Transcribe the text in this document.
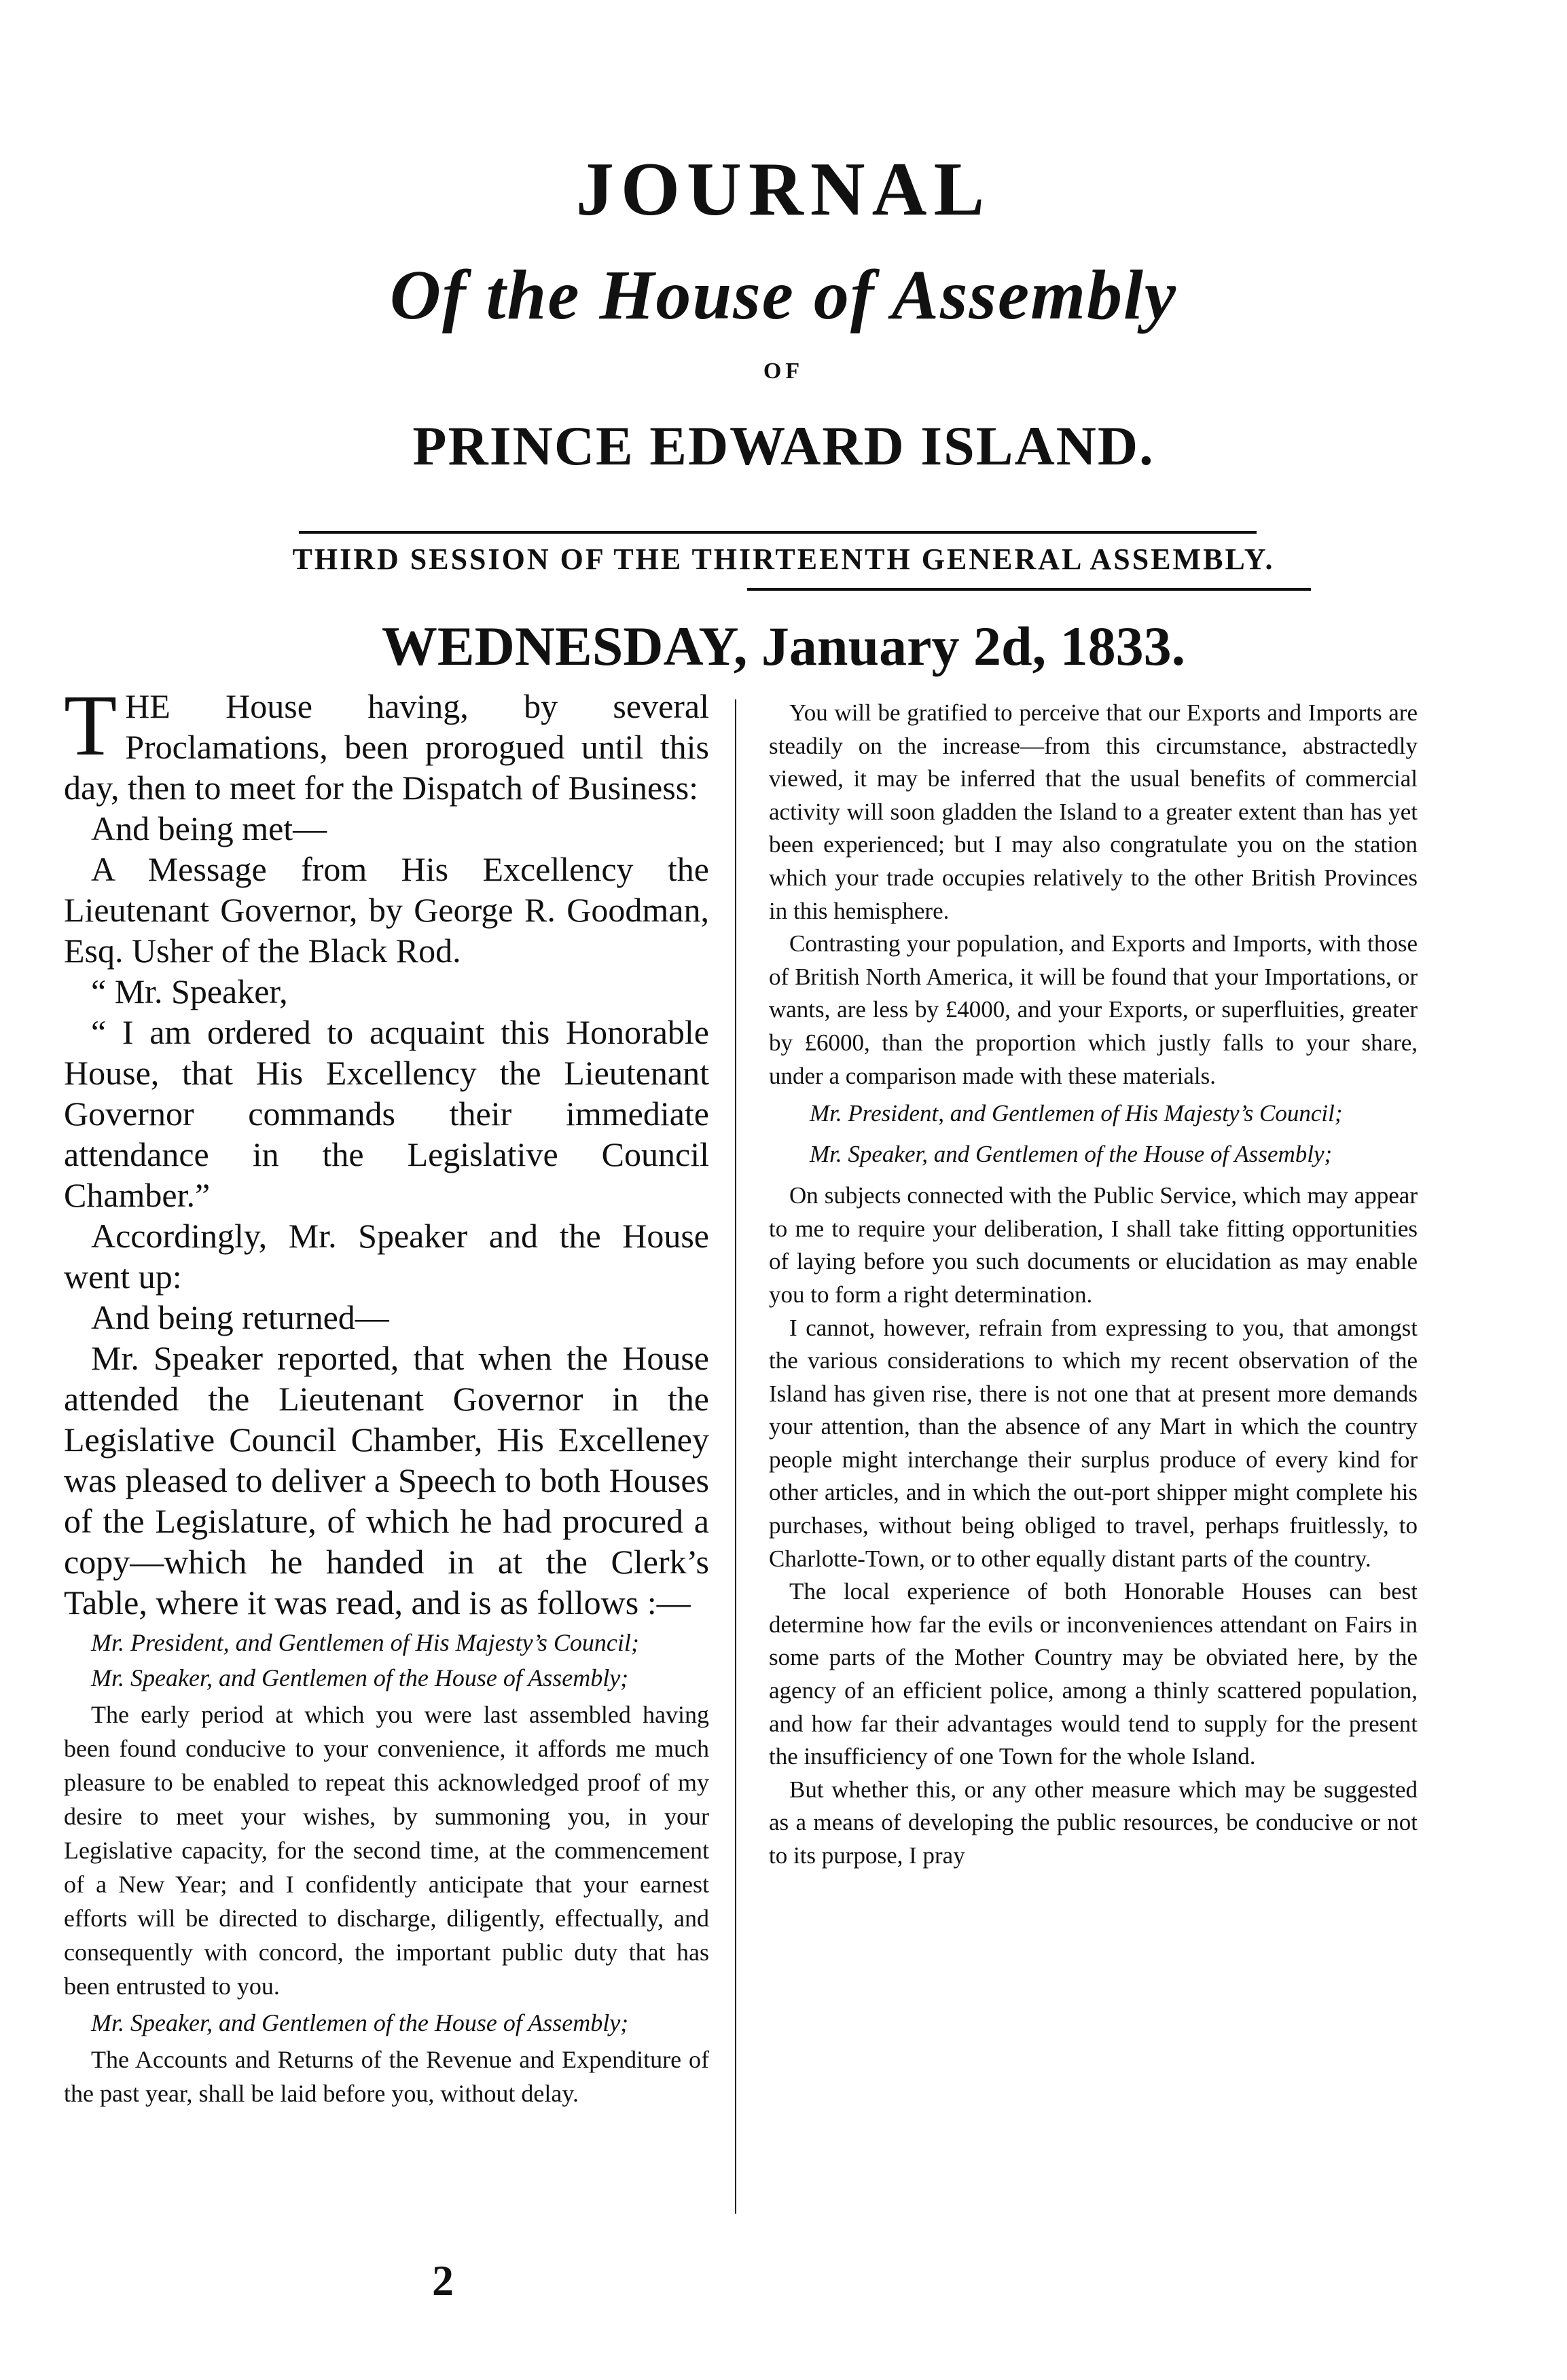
JOURNAL
Of the House of Assembly
OF
PRINCE EDWARD ISLAND.
THIRD SESSION OF THE THIRTEENTH GENERAL ASSEMBLY.
WEDNESDAY, January 2d, 1833.

THE House having, by several Proclamations, been prorogued until this day, then to meet for the Dispatch of Business:

And being met—

A Message from His Excellency the Lieutenant Governor, by George R. Goodman, Esq. Usher of the Black Rod.

“ Mr. Speaker,

“ I am ordered to acquaint this Honorable House, that His Excellency the Lieutenant Governor commands their immediate attendance in the Legislative Council Chamber.”

Accordingly, Mr. Speaker and the House went up:

And being returned—

Mr. Speaker reported, that when the House attended the Lieutenant Governor in the Legislative Council Chamber, His Excelleney was pleased to deliver a Speech to both Houses of the Legislature, of which he had procured a copy—which he handed in at the Clerk’s Table, where it was read, and is as follows :—

Mr. President, and Gentlemen of His Majesty’s Council;

Mr. Speaker, and Gentlemen of the House of Assembly;

The early period at which you were last assembled having been found conducive to your convenience, it affords me much pleasure to be enabled to repeat this acknowledged proof of my desire to meet your wishes, by summoning you, in your Legislative capacity, for the second time, at the commencement of a New Year; and I confidently anticipate that your earnest efforts will be directed to discharge, diligently, effectually, and consequently with concord, the important public duty that has been entrusted to you.

Mr. Speaker, and Gentlemen of the House of Assembly;

The Accounts and Returns of the Revenue and Expenditure of the past year, shall be laid before you, without delay.

2

You will be gratified to perceive that our Exports and Imports are steadily on the increase—from this circumstance, abstractedly viewed, it may be inferred that the usual benefits of commercial activity will soon gladden the Island to a greater extent than has yet been experienced; but I may also congratulate you on the station which your trade occupies relatively to the other British Provinces in this hemisphere.

Contrasting your population, and Exports and Imports, with those of British North America, it will be found that your Importations, or wants, are less by £4000, and your Exports, or superfluities, greater by £6000, than the proportion which justly falls to your share, under a comparison made with these materials.

Mr. President, and Gentlemen of His Majesty’s Council;

Mr. Speaker, and Gentlemen of the House of Assembly;

On subjects connected with the Public Service, which may appear to me to require your deliberation, I shall take fitting opportunities of laying before you such documents or elucidation as may enable you to form a right determination.

I cannot, however, refrain from expressing to you, that amongst the various considerations to which my recent observation of the Island has given rise, there is not one that at present more demands your attention, than the absence of any Mart in which the country people might interchange their surplus produce of every kind for other articles, and in which the out-port shipper might complete his purchases, without being obliged to travel, perhaps fruitlessly, to Charlotte-Town, or to other equally distant parts of the country.

The local experience of both Honorable Houses can best determine how far the evils or inconveniences attendant on Fairs in some parts of the Mother Country may be obviated here, by the agency of an efficient police, among a thinly scattered population, and how far their advantages would tend to supply for the present the insufficiency of one Town for the whole Island.

But whether this, or any other measure which may be suggested as a means of developing the public resources, be conducive or not to its purpose, I pray
